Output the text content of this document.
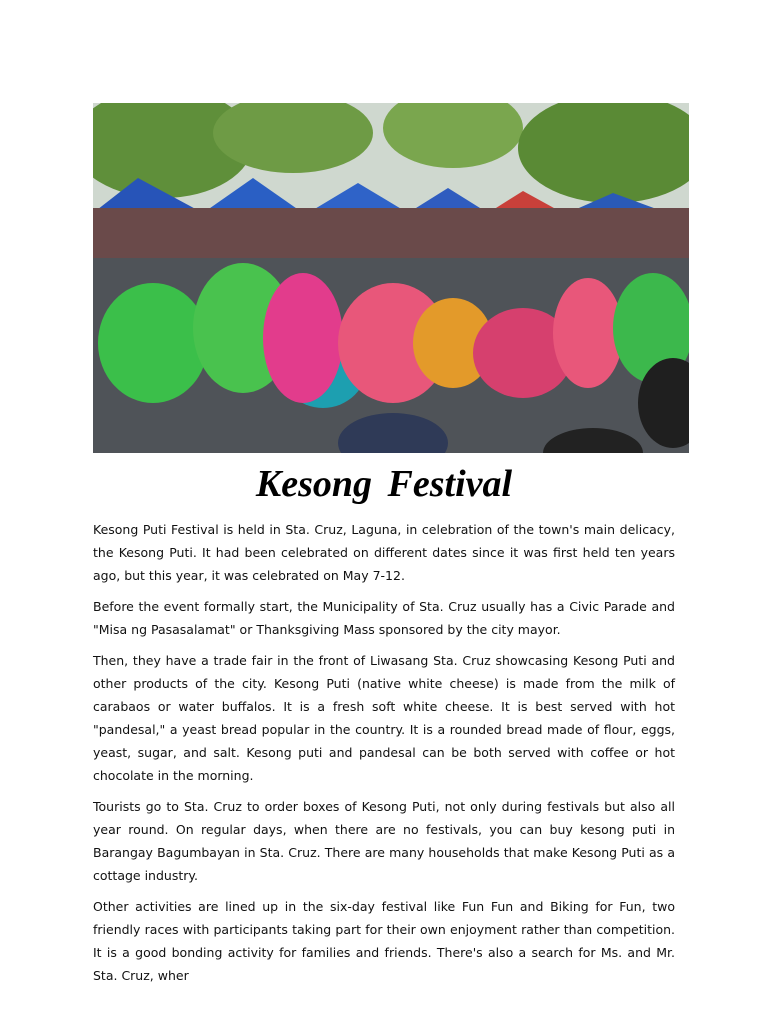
Kesong Festival

Kesong Puti Festival is held in Sta. Cruz, Laguna, in celebration of the town's main delicacy, the Kesong Puti. It had been celebrated on different dates since it was first held ten years ago, but this year, it was celebrated on May 7-12.

Before the event formally start, the Municipality of Sta. Cruz usually has a Civic Parade and "Misa ng Pasasalamat" or Thanksgiving Mass sponsored by the city mayor.

Then, they have a trade fair in the front of Liwasang Sta. Cruz showcasing Kesong Puti and other products of the city. Kesong Puti (native white cheese) is made from the milk of carabaos or water buffalos. It is a fresh soft white cheese. It is best served with hot "pandesal," a yeast bread popular in the country. It is a rounded bread made of flour, eggs, yeast, sugar, and salt. Kesong puti and pandesal can be both served with coffee or hot chocolate in the morning.

Tourists go to Sta. Cruz to order boxes of Kesong Puti, not only during festivals but also all year round. On regular days, when there are no festivals, you can buy kesong puti in Barangay Bagumbayan in Sta. Cruz. There are many households that make Kesong Puti as a cottage industry.

Other activities are lined up in the six-day festival like Fun Fun and Biking for Fun, two friendly races with participants taking part for their own enjoyment rather than competition. It is a good bonding activity for families and friends. There's also a search for Ms. and Mr. Sta. Cruz, wher
